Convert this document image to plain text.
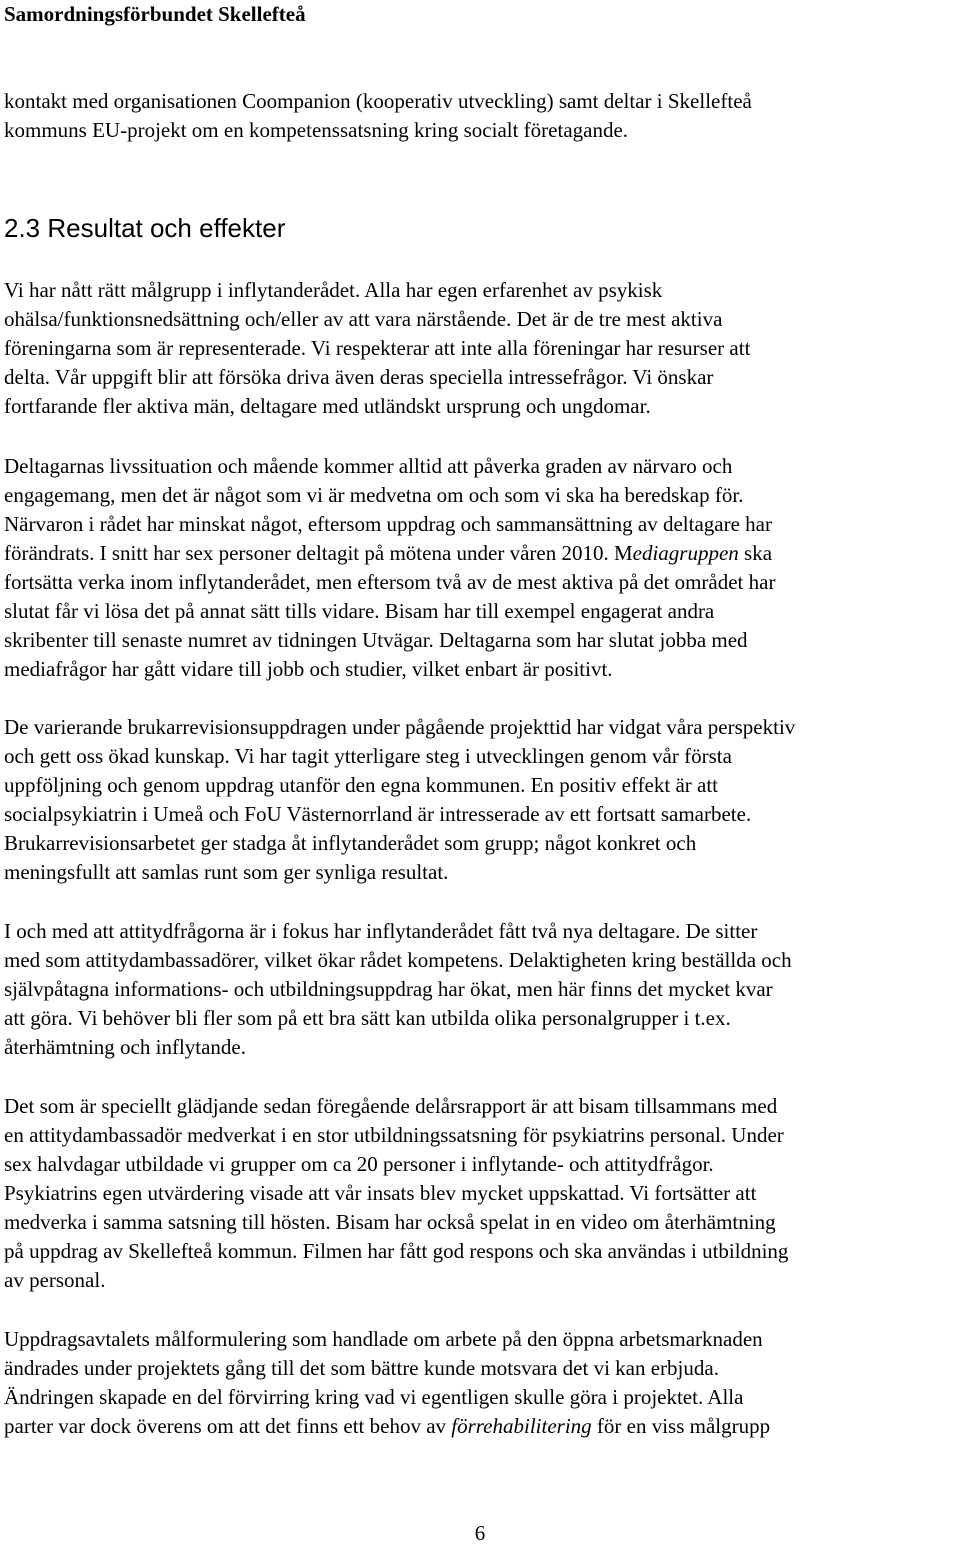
Samordningsförbundet Skellefteå
kontakt med organisationen Coompanion (kooperativ utveckling) samt deltar i Skellefteå
kommuns EU-projekt om en kompetenssatsning kring socialt företagande.
2.3 Resultat och effekter
Vi har nått rätt målgrupp i inflytanderådet. Alla har egen erfarenhet av psykisk
ohälsa/funktionsnedsättning och/eller av att vara närstående. Det är de tre mest aktiva
föreningarna som är representerade. Vi respekterar att inte alla föreningar har resurser att
delta. Vår uppgift blir att försöka driva även deras speciella intressefrågor. Vi önskar
fortfarande fler aktiva män, deltagare med utländskt ursprung och ungdomar.
Deltagarnas livssituation och mående kommer alltid att påverka graden av närvaro och
engagemang, men det är något som vi är medvetna om och som vi ska ha beredskap för.
Närvaron i rådet har minskat något, eftersom uppdrag och sammansättning av deltagare har
förändrats. I snitt har sex personer deltagit på mötena under våren 2010. Mediagruppen ska
fortsätta verka inom inflytanderådet, men eftersom två av de mest aktiva på det området har
slutat får vi lösa det på annat sätt tills vidare. Bisam har till exempel engagerat andra
skribenter till senaste numret av tidningen Utvägar. Deltagarna som har slutat jobba med
mediafrågor har gått vidare till jobb och studier, vilket enbart är positivt.
De varierande brukarrevisionsuppdragen under pågående projekttid har vidgat våra perspektiv
och gett oss ökad kunskap. Vi har tagit ytterligare steg i utvecklingen genom vår första
uppföljning och genom uppdrag utanför den egna kommunen. En positiv effekt är att
socialpsykiatrin i Umeå och FoU Västernorrland är intresserade av ett fortsatt samarbete.
Brukarrevisionsarbetet ger stadga åt inflytanderådet som grupp; något konkret och
meningsfullt att samlas runt som ger synliga resultat.
I och med att attitydfrågorna är i fokus har inflytanderådet fått två nya deltagare. De sitter
med som attitydambassadörer, vilket ökar rådet kompetens. Delaktigheten kring beställda och
självpåtagna informations- och utbildningsuppdrag har ökat, men här finns det mycket kvar
att göra. Vi behöver bli fler som på ett bra sätt kan utbilda olika personalgrupper i t.ex.
återhämtning och inflytande.
Det som är speciellt glädjande sedan föregående delårsrapport är att bisam tillsammans med
en attitydambassadör medverkat i en stor utbildningssatsning för psykiatrins personal. Under
sex halvdagar utbildade vi grupper om ca 20 personer i inflytande- och attitydfrågor.
Psykiatrins egen utvärdering visade att vår insats blev mycket uppskattad. Vi fortsätter att
medverka i samma satsning till hösten. Bisam har också spelat in en video om återhämtning
på uppdrag av Skellefteå kommun. Filmen har fått god respons och ska användas i utbildning
av personal.
Uppdragsavtalets målformulering som handlade om arbete på den öppna arbetsmarknaden
ändrades under projektets gång till det som bättre kunde motsvara det vi kan erbjuda.
Ändringen skapade en del förvirring kring vad vi egentligen skulle göra i projektet. Alla
parter var dock överens om att det finns ett behov av förrehabilitering för en viss målgrupp
6
